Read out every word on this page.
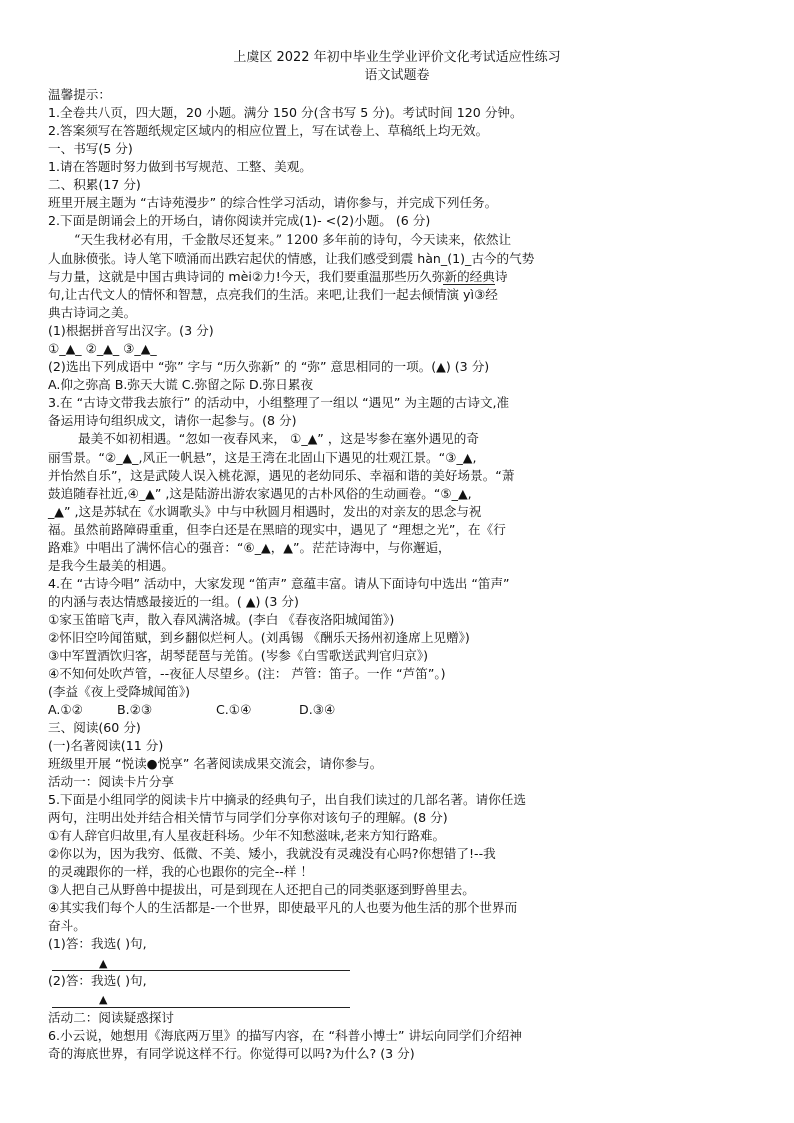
上虞区 2022 年初中毕业生学业评价文化考试适应性练习
语文试题卷
温馨提示：
1.全卷共八页，四大题，20 小题。满分 150 分(含书写 5 分)。考试时间 120 分钟。
2.答案须写在答题纸规定区域内的相应位置上，写在试卷上、草稿纸上均无效。
一、书写(5 分)
1.请在答题时努力做到书写规范、工整、美观。
二、积累(17 分)
班里开展主题为 “古诗苑漫步” 的综合性学习活动，请你参与，并完成下列任务。
2.下面是朗诵会上的开场白，请你阅读并完成(1)- <(2)小题。 (6 分)
“天生我材必有用，千金散尽还复来。” 1200 多年前的诗句，今天读来，依然让
人血脉偾张。诗人笔下喷涌而出跌宕起伏的情感，让我们感受到震 hàn_(1)_古今的气势
与力量，这就是中国古典诗词的 mèi②力!今天，我们要重温那些历久弥新的经典诗
句,让古代文人的情怀和智慧，点亮我们的生活。来吧,让我们一起去倾情演 yì③经
典古诗词之美。
(1)根据拼音写出汉字。(3 分)
①_▲_ ②_▲_ ③_▲_
(2)选出下列成语中 “弥” 字与 “历久弥新” 的 “弥” 意思相同的一项。(▲) (3 分)
A.仰之弥高 B.弥天大谎 C.弥留之际 D.弥日累夜
3.在 “古诗文带我去旅行” 的活动中，小组整理了一组以 “遇见” 为主题的古诗文,准
备运用诗句组织成文，请你一起参与。(8 分)
最美不如初相遇。“忽如一夜春风来， ①_▲” ，这是岑参在塞外遇见的奇
丽雪景。“②_▲_,风正一帆悬”，这是王湾在北固山下遇见的壮观江景。“③_▲,
并怡然自乐”，这是武陵人误入桃花源，遇见的老幼同乐、幸福和谐的美好场景。“萧
鼓追随春社近,④_▲” ,这是陆游出游农家遇见的古朴风俗的生动画卷。“⑤_▲,
_▲” ,这是苏轼在《水调歌头》中与中秋圆月相遇时，发出的对亲友的思念与祝
福。虽然前路障碍重重，但李白还是在黑暗的现实中，遇见了 “理想之光”，在《行
路难》中唱出了满怀信心的强音：“⑥_▲，▲”。茫茫诗海中，与你邂逅，
是我今生最美的相遇。
4.在 “古诗今唱” 活动中，大家发现 “笛声” 意蕴丰富。请从下面诗句中选出 “笛声”
的内涵与表达情感最接近的一组。( ▲) (3 分)
①家玉笛暗飞声，散入春风满洛城。(李白 《春夜洛阳城闻笛》)
②怀旧空吟闻笛赋，到乡翻似烂柯人。(刘禹锡 《酬乐天扬州初逢席上见赠》)
③中军置酒饮归客，胡琴琵琶与羌笛。(岑参《白雪歌送武判官归京》)
④不知何处吹芦管，--夜征人尽望乡。(注： 芦管：笛子。一作 “芦笛”。)
(李益《夜上受降城闻笛》)
A.①②	B.②③	C.①④	D.③④
三、阅读(60 分)
(一)名著阅读(11 分)
班级里开展 “悦读●悦享” 名著阅读成果交流会，请你参与。
活动一：阅读卡片分享
5.下面是小组同学的阅读卡片中摘录的经典句子，出自我们读过的几部名著。请你任选
两句，注明出处并结合相关情节与同学们分享你对该句子的理解。(8 分)
①有人辞官归故里,有人星夜赶科场。少年不知愁滋味,老来方知行路难。
②你以为，因为我穷、低微、不美、矮小，我就没有灵魂没有心吗?你想错了!--我
的灵魂跟你的一样，我的心也跟你的完全--样 ！
③人把自己从野兽中提拔出，可是到现在人还把自己的同类驱逐到野兽里去。
④其实我们每个人的生活都是-一个世界，即使最平凡的人也要为他生活的那个世界而
奋斗。
(1)答：我选( )句,
▲
(2)答：我选( )句,
▲
活动二：阅读疑惑探讨
6.小云说，她想用《海底两万里》的描写内容，在 “科普小博士” 讲坛向同学们介绍神
奇的海底世界，有同学说这样不行。你觉得可以吗?为什么? (3 分)
